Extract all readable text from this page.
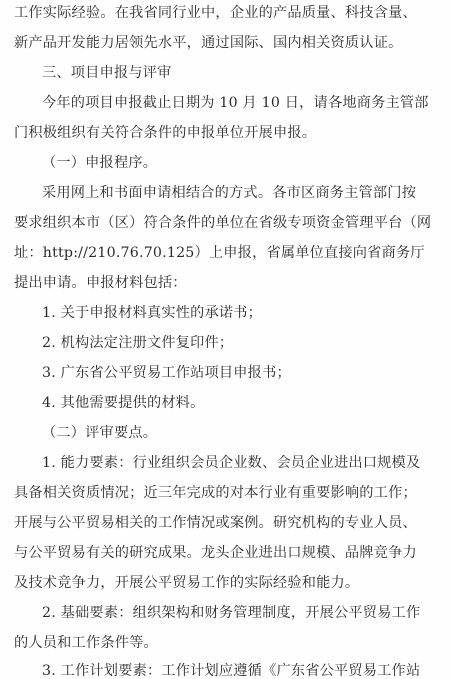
工作实际经验。在我省同行业中，企业的产品质量、科技含量、
新产品开发能力居领先水平，通过国际、国内相关资质认证。
三、项目申报与评审
今年的项目申报截止日期为 10 月 10 日，请各地商务主管部
门积极组织有关符合条件的申报单位开展申报。
（一）申报程序。
采用网上和书面申请相结合的方式。各市区商务主管部门按
要求组织本市（区）符合条件的单位在省级专项资金管理平台（网
址：http://210.76.70.125）上申报，省属单位直接向省商务厅
提出申请。申报材料包括：
1. 关于申报材料真实性的承诺书；
2. 机构法定注册文件复印件；
3. 广东省公平贸易工作站项目申报书；
4. 其他需要提供的材料。
（二）评审要点。
1. 能力要素：行业组织会员企业数、会员企业进出口规模及
具备相关资质情况；近三年完成的对本行业有重要影响的工作；
开展与公平贸易相关的工作情况或案例。研究机构的专业人员、
与公平贸易有关的研究成果。龙头企业进出口规模、品牌竞争力
及技术竞争力，开展公平贸易工作的实际经验和能力。
2. 基础要素：组织架构和财务管理制度，开展公平贸易工作
的人员和工作条件等。
3. 工作计划要素：工作计划应遵循《广东省公平贸易工作站
